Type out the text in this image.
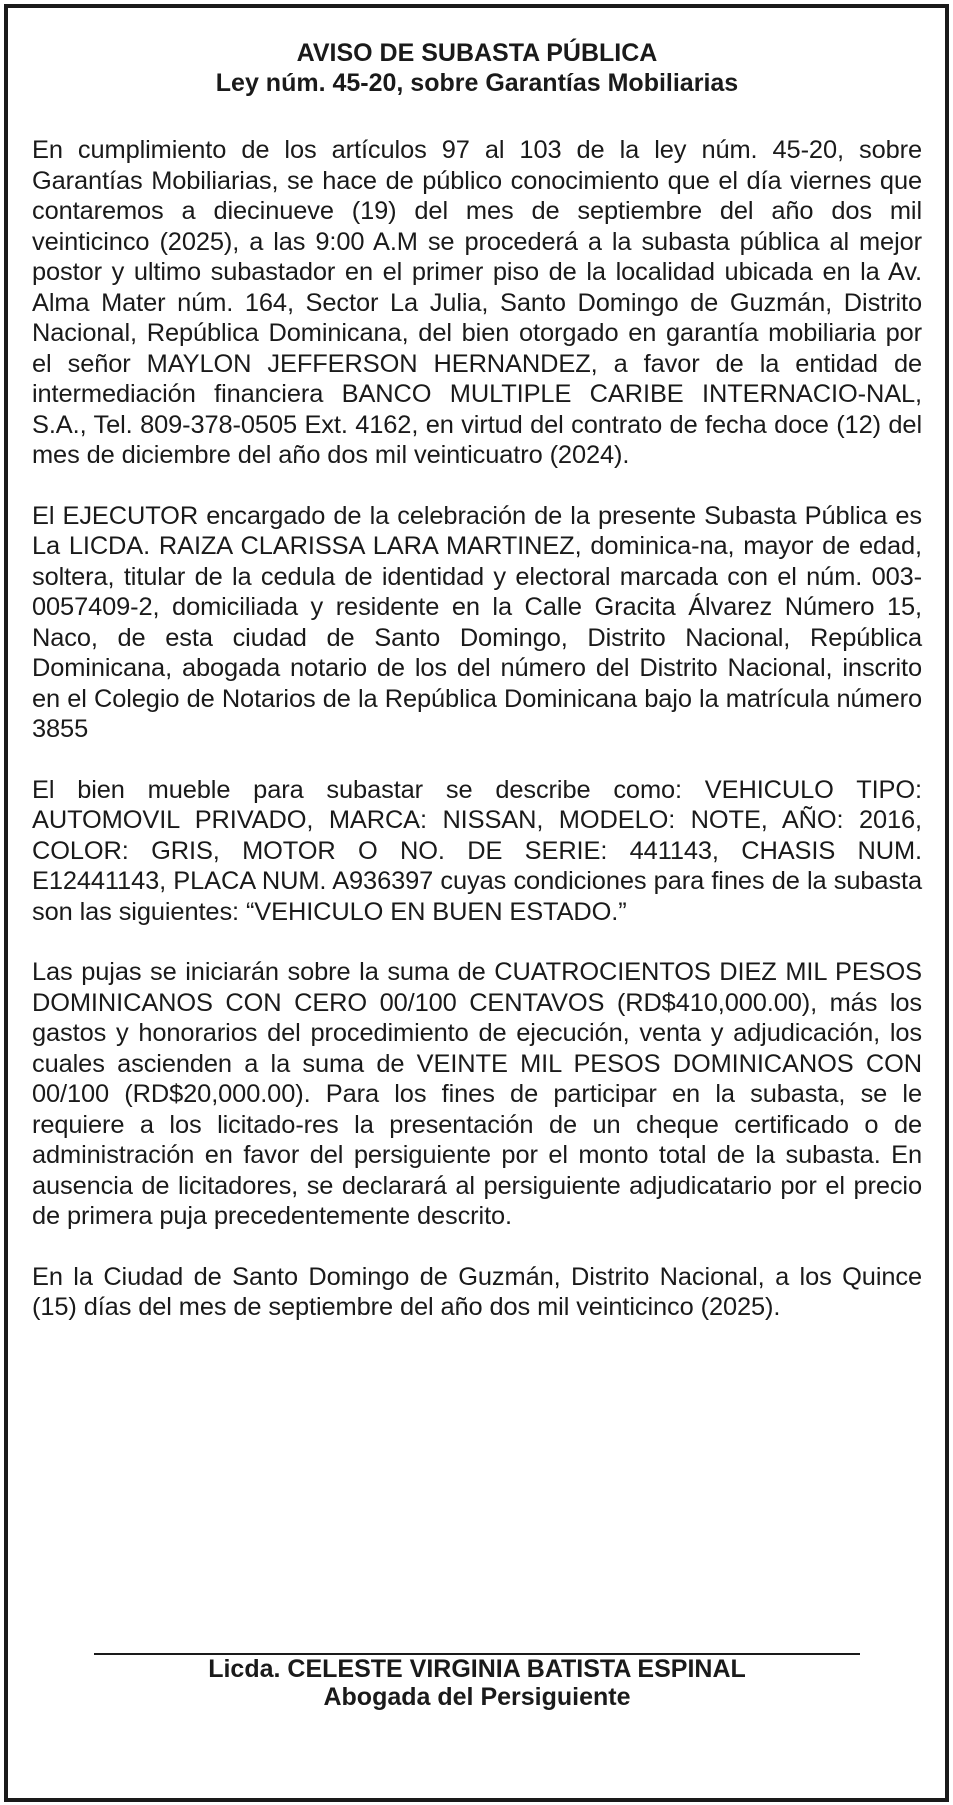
AVISO DE SUBASTA PÚBLICA

Ley núm. 45-20, sobre Garantías Mobiliarias

En cumplimiento de los artículos 97 al 103 de la ley núm. 45-20, sobre Garantías Mobiliarias, se hace de público conocimiento que el día viernes que contaremos a diecinueve (19) del mes de septiembre del año dos mil veinticinco (2025), a las 9:00 A.M se procederá a la subasta pública al mejor postor y ultimo subastador en el primer piso de la localidad ubicada en la Av. Alma Mater núm. 164, Sector La Julia, Santo Domingo de Guzmán, Distrito Nacional, República Dominicana, del bien otorgado en garantía mobiliaria por el señor MAYLON JEFFERSON HERNANDEZ, a favor de la entidad de intermediación financiera BANCO MULTIPLE CARIBE INTERNACIO-NAL, S.A., Tel. 809-378-0505 Ext. 4162, en virtud del contrato de fecha doce (12) del mes de diciembre del año dos mil veinticuatro (2024).

El EJECUTOR encargado de la celebración de la presente Subasta Pública es La LICDA. RAIZA CLARISSA LARA MARTINEZ, dominica-na, mayor de edad, soltera, titular de la cedula de identidad y electoral marcada con el núm. 003-0057409-2, domiciliada y residente en la Calle Gracita Álvarez Número 15, Naco, de esta ciudad de Santo Domingo, Distrito Nacional, República Dominicana, abogada notario de los del número del Distrito Nacional, inscrito en el Colegio de Notarios de la República Dominicana bajo la matrícula número 3855

El bien mueble para subastar se describe como: VEHICULO TIPO: AUTOMOVIL PRIVADO, MARCA: NISSAN, MODELO: NOTE, AÑO: 2016, COLOR: GRIS, MOTOR O NO. DE SERIE: 441143, CHASIS NUM. E12441143, PLACA NUM. A936397 cuyas condiciones para fines de la subasta son las siguientes: “VEHICULO EN BUEN ESTADO.”

Las pujas se iniciarán sobre la suma de CUATROCIENTOS DIEZ MIL PESOS DOMINICANOS CON CERO 00/100 CENTAVOS (RD$410,000.00), más los gastos y honorarios del procedimiento de ejecución, venta y adjudicación, los cuales ascienden a la suma de VEINTE MIL PESOS DOMINICANOS CON 00/100 (RD$20,000.00). Para los fines de participar en la subasta, se le requiere a los licitado-res la presentación de un cheque certificado o de administración en favor del persiguiente por el monto total de la subasta. En ausencia de licitadores, se declarará al persiguiente adjudicatario por el precio de primera puja precedentemente descrito.

En la Ciudad de Santo Domingo de Guzmán, Distrito Nacional, a los Quince (15) días del mes de septiembre del año dos mil veinticinco (2025).

Licda. CELESTE VIRGINIA BATISTA ESPINAL
Abogada del Persiguiente
